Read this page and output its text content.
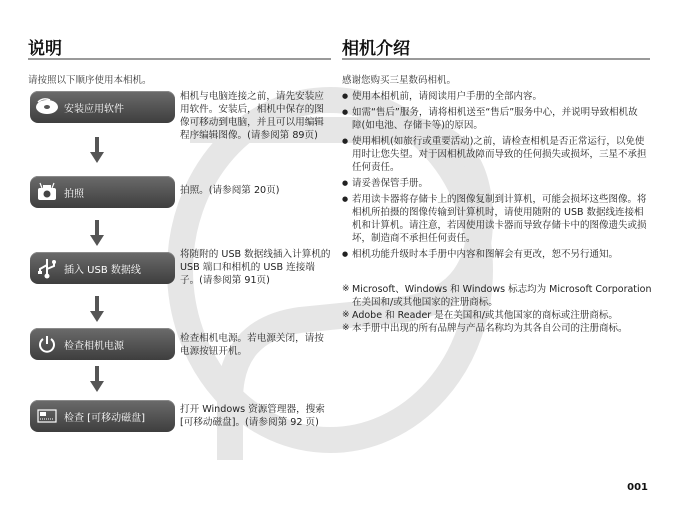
说明
请按照以下顺序使用本相机。
安装应用软件
相机与电脑连接之前，请先安装应用软件。安装后，相机中保存的图像可移动到电脑，并且可以用编辑程序编辑图像。(请参阅第 89页)
拍照	拍照。(请参阅第 20页)
插入 USB 数据线
将随附的 USB 数据线插入计算机的 USB 端口和相机的 USB 连接端子。(请参阅第 91页)
检查相机电源
检查相机电源。若电源关闭，请按电源按钮开机。
检查 [可移动磁盘]
打开 Windows 资源管理器，搜索 [可移动磁盘]。(请参阅第 92 页)
相机介绍
感谢您购买三星数码相机。
● 使用本相机前，请阅读用户手册的全部内容。
● 如需“售后”服务，请将相机送至“售后”服务中心，并说明导致相机故障(如电池、存储卡等)的原因。
● 使用相机(如旅行或重要活动)之前，请检查相机是否正常运行，以免使用时让您失望。对于因相机故障而导致的任何损失或损坏，三星不承担任何责任。
● 请妥善保管手册。
● 若用读卡器将存储卡上的图像复制到计算机，可能会损坏这些图像。将相机所拍摄的图像传输到计算机时，请使用随附的 USB 数据线连接相机和计算机。请注意，若因使用读卡器而导致存储卡中的图像遗失或损坏，制造商不承担任何责任。
● 相机功能升级时本手册中内容和图解会有更改，恕不另行通知。
※ Microsoft、Windows 和 Windows 标志均为 Microsoft Corporation 在美国和/或其他国家的注册商标。
※ Adobe 和 Reader 是在美国和/或其他国家的商标或注册商标。
※ 本手册中出现的所有品牌与产品名称均为其各自公司的注册商标。
001
